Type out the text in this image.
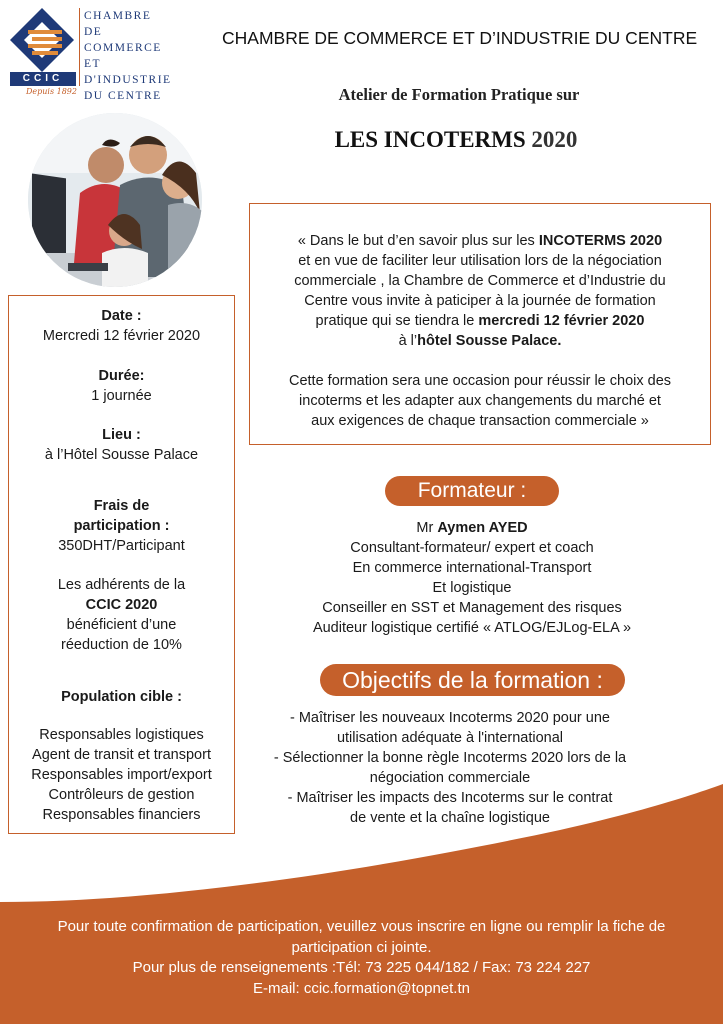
CCIC
Depuis 1892
CHAMBRE
DE COMMERCE
ET D'INDUSTRIE
DU CENTRE
CHAMBRE DE COMMERCE ET D’INDUSTRIE DU CENTRE
Atelier de Formation Pratique sur
LES INCOTERMS 2020
Date :
Mercredi 12 février 2020
Durée:
1 journée
Lieu :
à l’Hôtel Sousse Palace
Frais de
participation :
350DHT/Participant
Les adhérents de la
CCIC 2020
bénéficient d’une
réeduction de 10%
Population cible :
Responsables logistiques
Agent de transit et transport
Responsables import/export
Contrôleurs de gestion
Responsables financiers
« Dans le but d’en savoir plus sur les INCOTERMS 2020
et en vue de faciliter leur utilisation lors de la négociation
commerciale , la Chambre de Commerce et d’Industrie du
Centre vous invite à paticiper à la journée de formation
pratique qui se tiendra le mercredi 12 février 2020
à l’hôtel Sousse Palace.
Cette formation sera une occasion pour réussir le choix des
incoterms et les adapter aux changements du marché et
aux exigences de chaque transaction commerciale »
Formateur :
Mr Aymen AYED
Consultant-formateur/ expert et coach
En commerce international-Transport
Et logistique
Conseiller en SST et Management des risques
Auditeur logistique certifié « ATLOG/EJLog-ELA »
Objectifs de la formation :
- Maîtriser les nouveaux Incoterms 2020 pour une
utilisation adéquate à l'international
- Sélectionner la bonne règle Incoterms 2020 lors de la
négociation commerciale
- Maîtriser les impacts des Incoterms sur le contrat
de vente et la chaîne logistique
Pour toute confirmation de participation, veuillez vous inscrire en ligne ou remplir la fiche de
participation ci jointe.
Pour plus de renseignements :Tél: 73 225 044/182 / Fax: 73 224 227
E-mail: ccic.formation@topnet.tn
